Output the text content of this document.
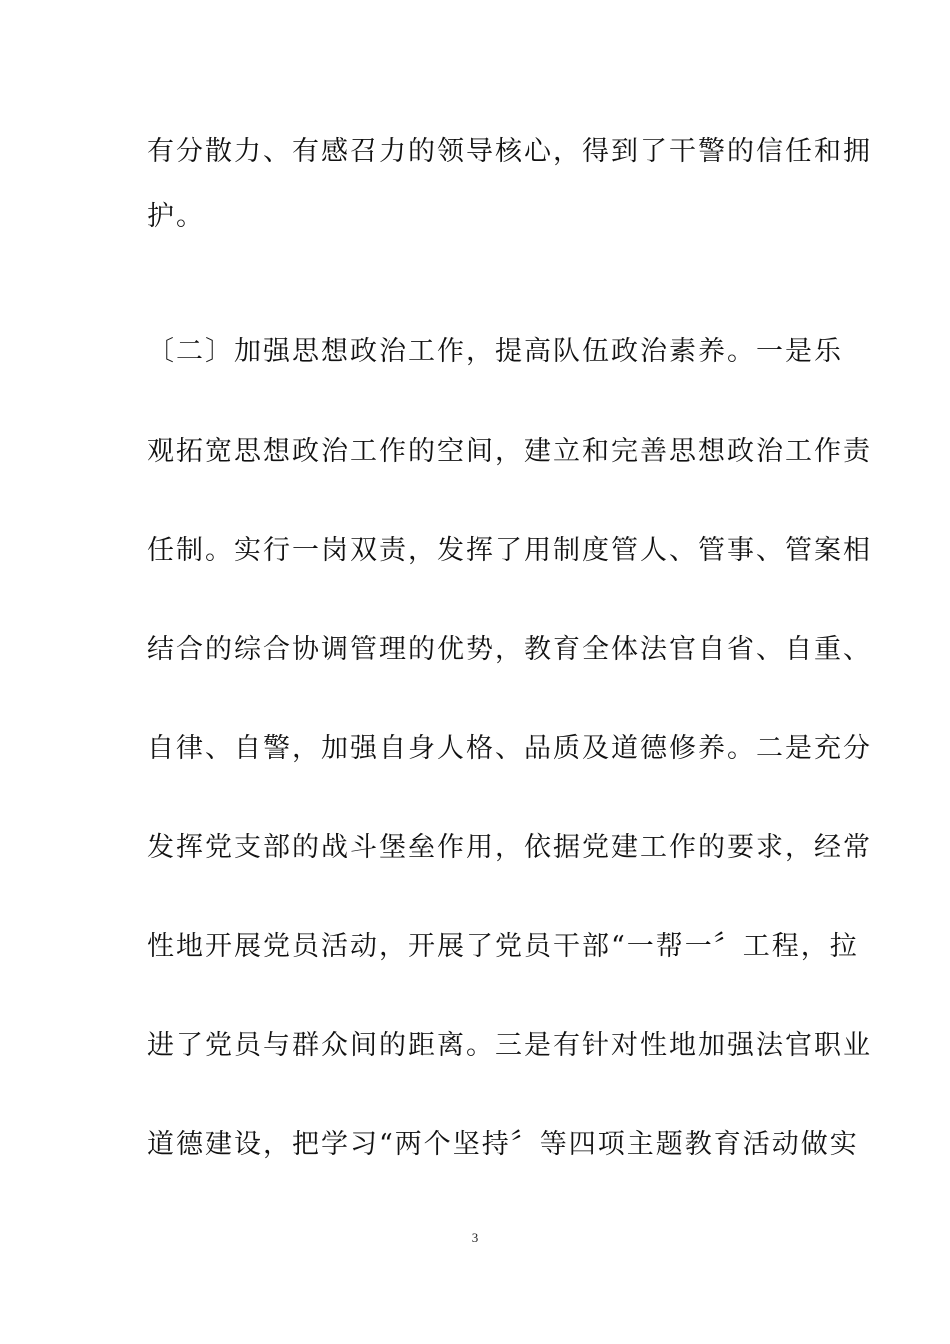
有分散力、有感召力的领导核心，得到了干警的信任和拥
护。
〔二〕加强思想政治工作，提高队伍政治素养。一是乐
观拓宽思想政治工作的空间，建立和完善思想政治工作责
任制。实行一岗双责，发挥了用制度管人、管事、管案相
结合的综合协调管理的优势，教育全体法官自省、自重、
自律、自警，加强自身人格、品质及道德修养。二是充分
发挥党支部的战斗堡垒作用，依据党建工作的要求，经常
性地开展党员活动，开展了党员干部“一帮一〞工程，拉
进了党员与群众间的距离。三是有针对性地加强法官职业
道德建设，把学习“两个坚持〞等四项主题教育活动做实
3
